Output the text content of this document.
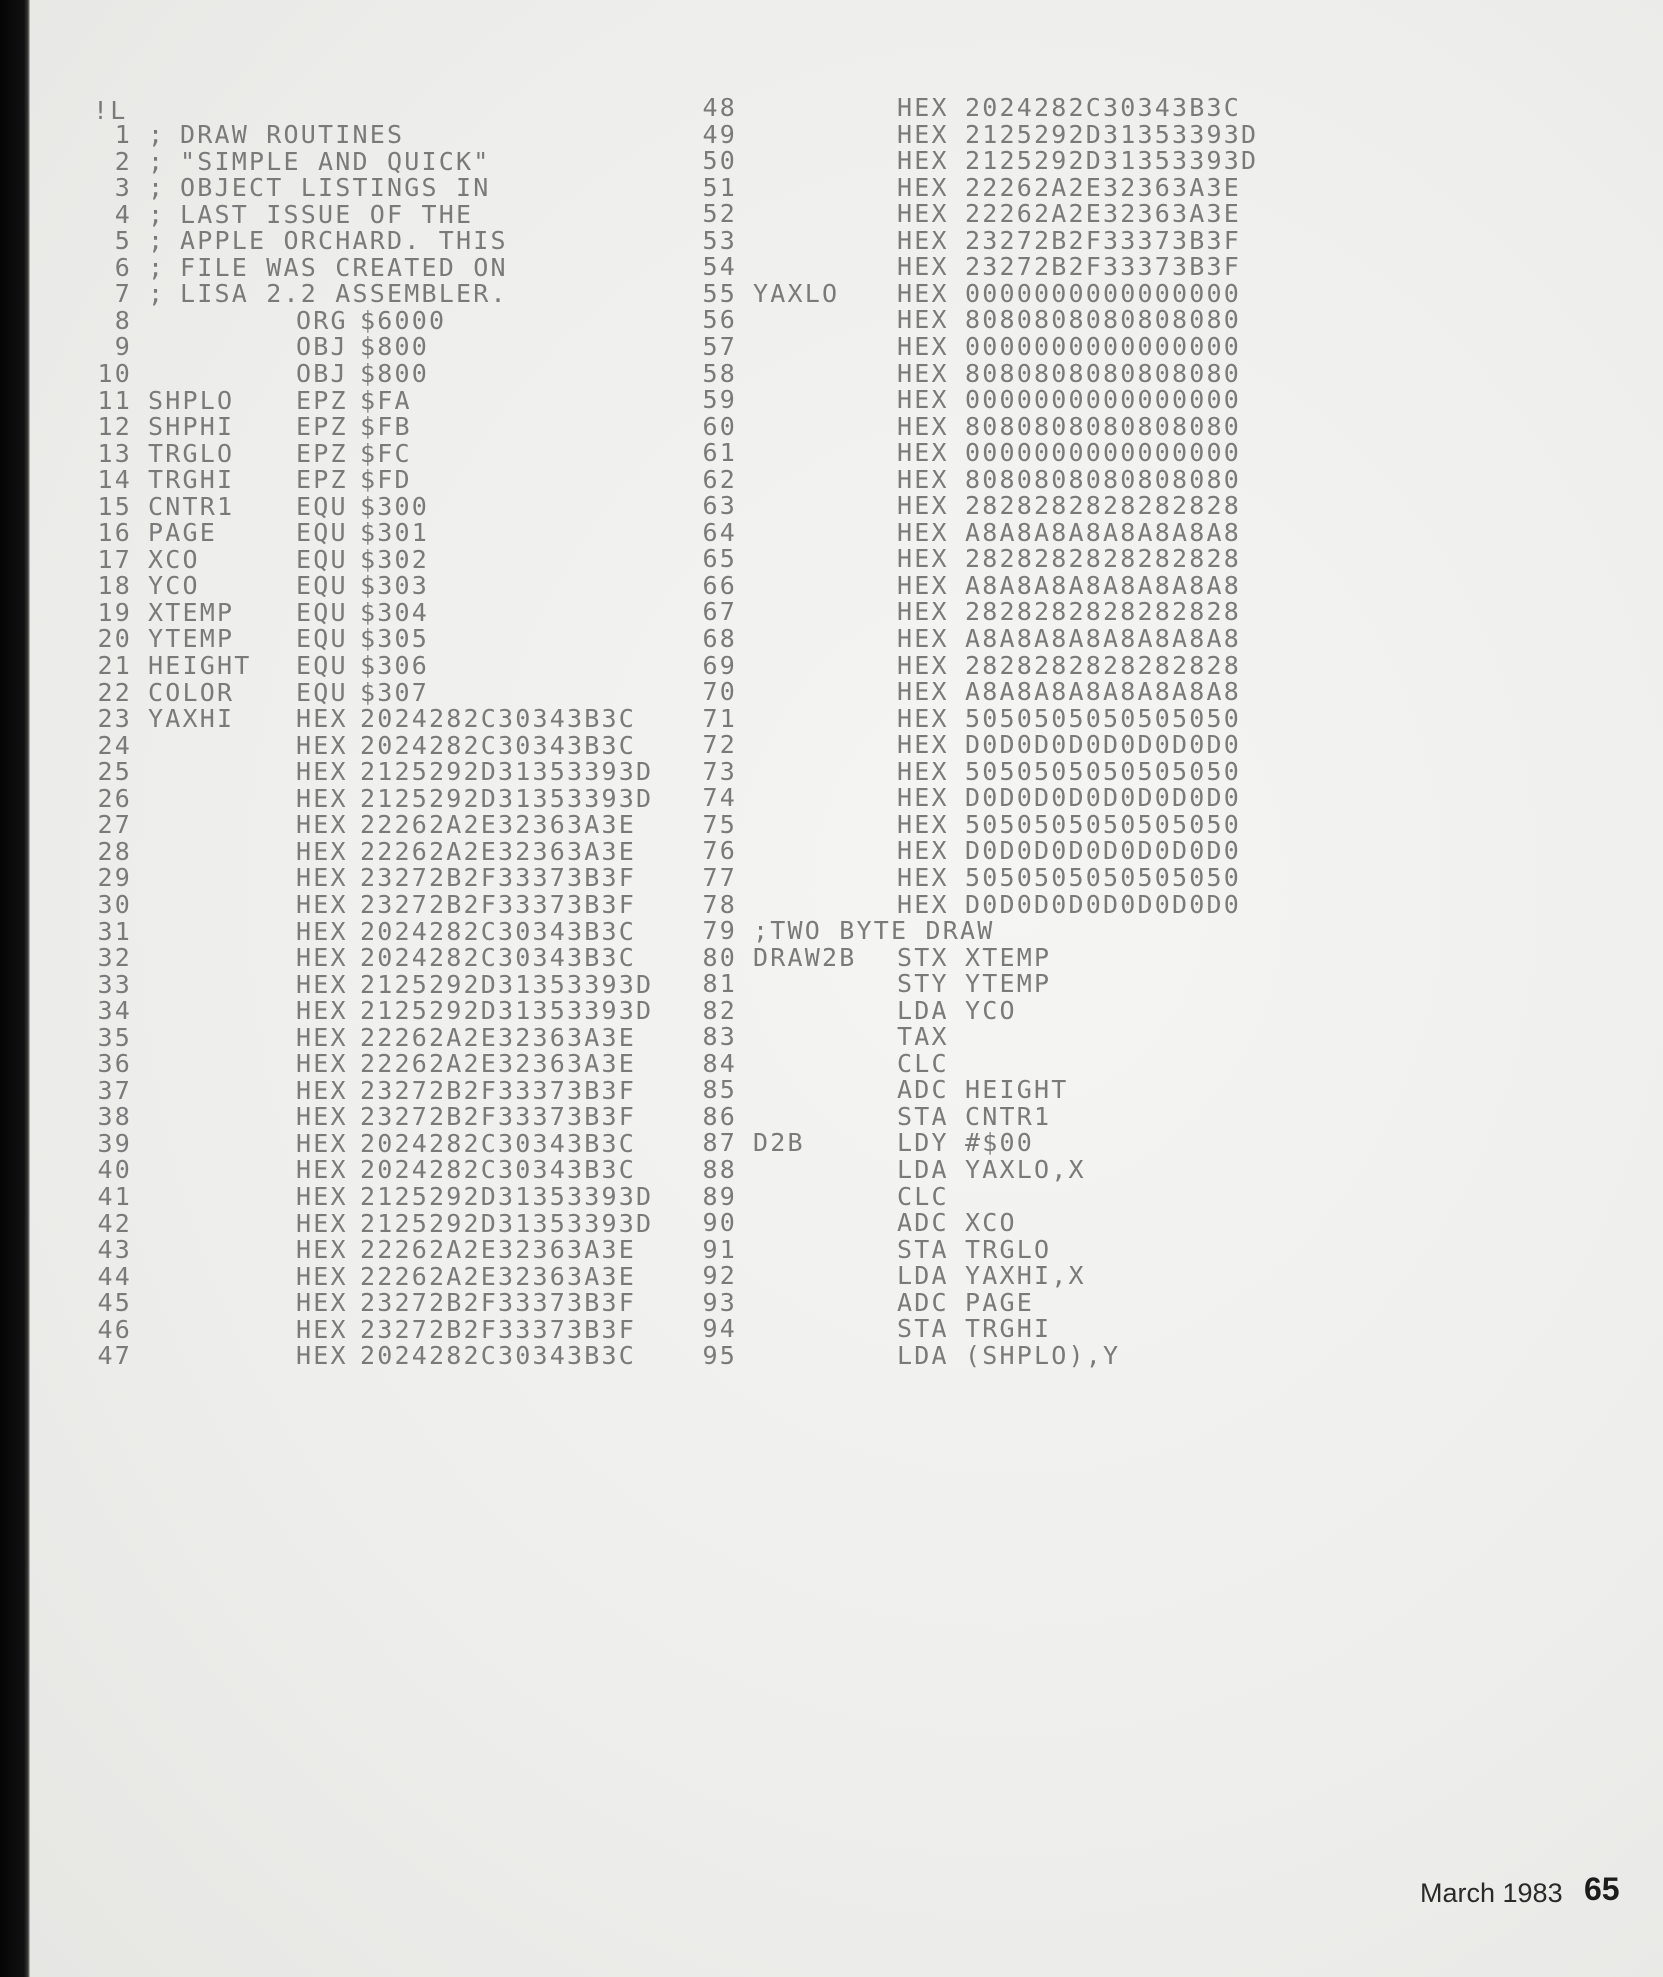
!L
1 ; DRAW ROUTINES
2 ; "SIMPLE AND QUICK"
3 ; OBJECT LISTINGS IN
4 ; LAST ISSUE OF THE
5 ; APPLE ORCHARD. THIS
6 ; FILE WAS CREATED ON
7 ; LISA 2.2 ASSEMBLER.
8	ORG $6000
9	OBJ $800
10	OBJ $800
11 SHPLO EPZ $FA
12 SHPHI EPZ $FB
13 TRGLO EPZ $FC
14 TRGHI EPZ $FD
15 CNTR1 EQU $300
16 PAGE	EQU $301
17 XCO	EQU $302
18 YCO	EQU $303
19 XTEMP EQU $304
20 YTEMP EQU $305
21 HEIGHT EQU $306
22 COLOR EQU $307
23 YAXHI HEX 2024282C30343B3C
24	HEX 2024282C30343B3C
25	HEX 2125292D31353393D
26	HEX 2125292D31353393D
27	HEX 22262A2E32363A3E
28	HEX 22262A2E32363A3E
29	HEX 23272B2F33373B3F
30	HEX 23272B2F33373B3F
31	HEX 2024282C30343B3C
32	HEX 2024282C30343B3C
33	HEX 2125292D31353393D
34	HEX 2125292D31353393D
35	HEX 22262A2E32363A3E
36	HEX 22262A2E32363A3E
37	HEX 23272B2F33373B3F
38	HEX 23272B2F33373B3F
39	HEX 2024282C30343B3C
40	HEX 2024282C30343B3C
41	HEX 2125292D31353393D
42	HEX 2125292D31353393D
43	HEX 22262A2E32363A3E
44	HEX 22262A2E32363A3E
45	HEX 23272B2F33373B3F
46	HEX 23272B2F33373B3F
47	HEX 2024282C30343B3C
48	HEX 2024282C30343B3C
49	HEX 2125292D31353393D
50	HEX 2125292D31353393D
51	HEX 22262A2E32363A3E
52	HEX 22262A2E32363A3E
53	HEX 23272B2F33373B3F
54	HEX 23272B2F33373B3F
55 YAXLO HEX 0000000000000000
56	HEX 8080808080808080
57	HEX 0000000000000000
58	HEX 8080808080808080
59	HEX 0000000000000000
60	HEX 8080808080808080
61	HEX 0000000000000000
62	HEX 8080808080808080
63	HEX 2828282828282828
64	HEX A8A8A8A8A8A8A8A8
65	HEX 2828282828282828
66	HEX A8A8A8A8A8A8A8A8
67	HEX 2828282828282828
68	HEX A8A8A8A8A8A8A8A8
69	HEX 2828282828282828
70	HEX A8A8A8A8A8A8A8A8
71	HEX 5050505050505050
72	HEX D0D0D0D0D0D0D0D0
73	HEX 5050505050505050
74	HEX D0D0D0D0D0D0D0D0
75	HEX 5050505050505050
76	HEX D0D0D0D0D0D0D0D0
77	HEX 5050505050505050
78	HEX D0D0D0D0D0D0D0D0
79 ;TWO BYTE DRAW
80 DRAW2B STX XTEMP
81	STY YTEMP
82	LDA YCO
83	TAX
84	CLC
85	ADC HEIGHT
86	STA CNTR1
87 D2B	LDY #$00
88	LDA YAXLO,X
89	CLC
90	ADC XCO
91	STA TRGLO
92	LDA YAXHI,X
93	ADC PAGE
94	STA TRGHI
95	LDA (SHPLO),Y
March 1983 65
